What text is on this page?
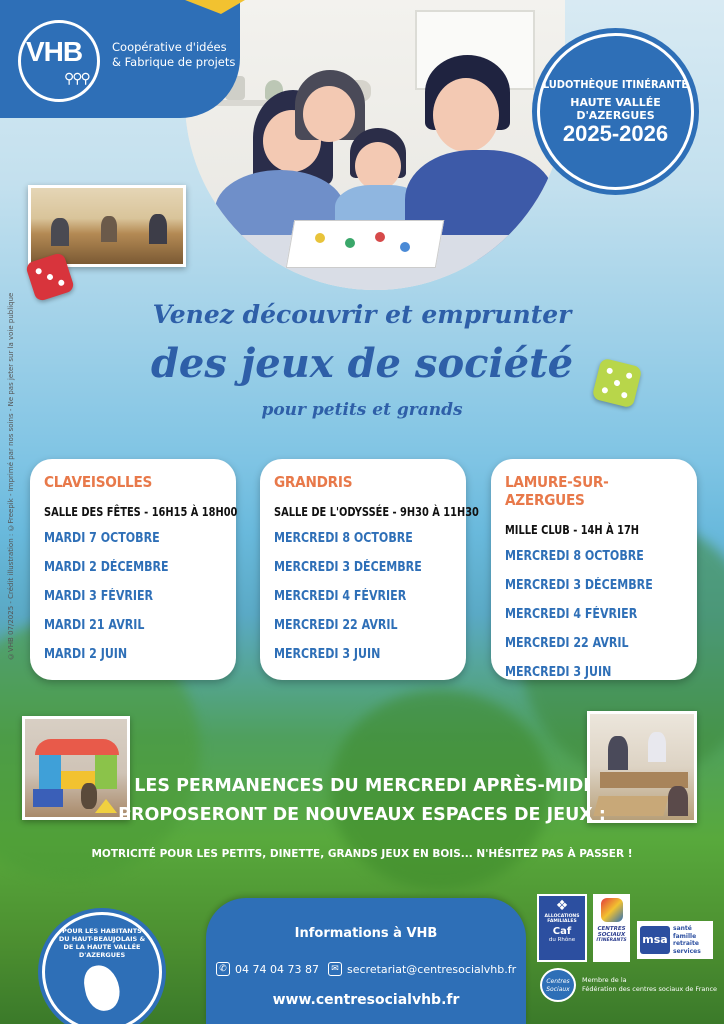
©VHB 07/2025 - Crédit illustration : ©Freepik - Imprimé par nos soins - Ne pas jeter sur la voie publique
VHB
⚲⚲⚲
Coopérative d'idées
& Fabrique de projets
LUDOTHÈQUE ITINÉRANTE
HAUTE VALLÉE D'AZERGUES
2025-2026
Venez découvrir et emprunter
des jeux de société
pour petits et grands
CLAVEISOLLES
SALLE DES FÊTES - 16H15 À 18H00
MARDI 7 OCTOBRE
MARDI 2 DÉCEMBRE
MARDI 3 FÉVRIER
MARDI 21 AVRIL
MARDI 2 JUIN
GRANDRIS
SALLE DE L'ODYSSÉE - 9H30 À 11H30
MERCREDI 8 OCTOBRE
MERCREDI 3 DÉCEMBRE
MERCREDI 4 FÉVRIER
MERCREDI 22 AVRIL
MERCREDI 3 JUIN
LAMURE-SUR-AZERGUES
MILLE CLUB - 14H À 17H
MERCREDI 8 OCTOBRE
MERCREDI 3 DÉCEMBRE
MERCREDI 4 FÉVRIER
MERCREDI 22 AVRIL
MERCREDI 3 JUIN
LES PERMANENCES DU MERCREDI APRÈS-MIDI
PROPOSERONT DE NOUVEAUX ESPACES DE JEUX :
MOTRICITÉ POUR LES PETITS, DINETTE, GRANDS JEUX EN BOIS... N'HÉSITEZ PAS À PASSER !
Informations à VHB
✆ 04 74 04 73 87	✉ secretariat@centresocialvhb.fr
www.centresocialvhb.fr
POUR LES HABITANTS
DU HAUT-BEAUJOLAIS &
DE LA HAUTE VALLÉE D'AZERGUES
❖
ALLOCATIONS
FAMILIALES
Caf
du Rhône
CENTRES
SOCIAUX
ITINÉRANTS	msa
santé
famille
retraite
services
Centres Sociaux
Membre de la
Fédération des centres sociaux de France
